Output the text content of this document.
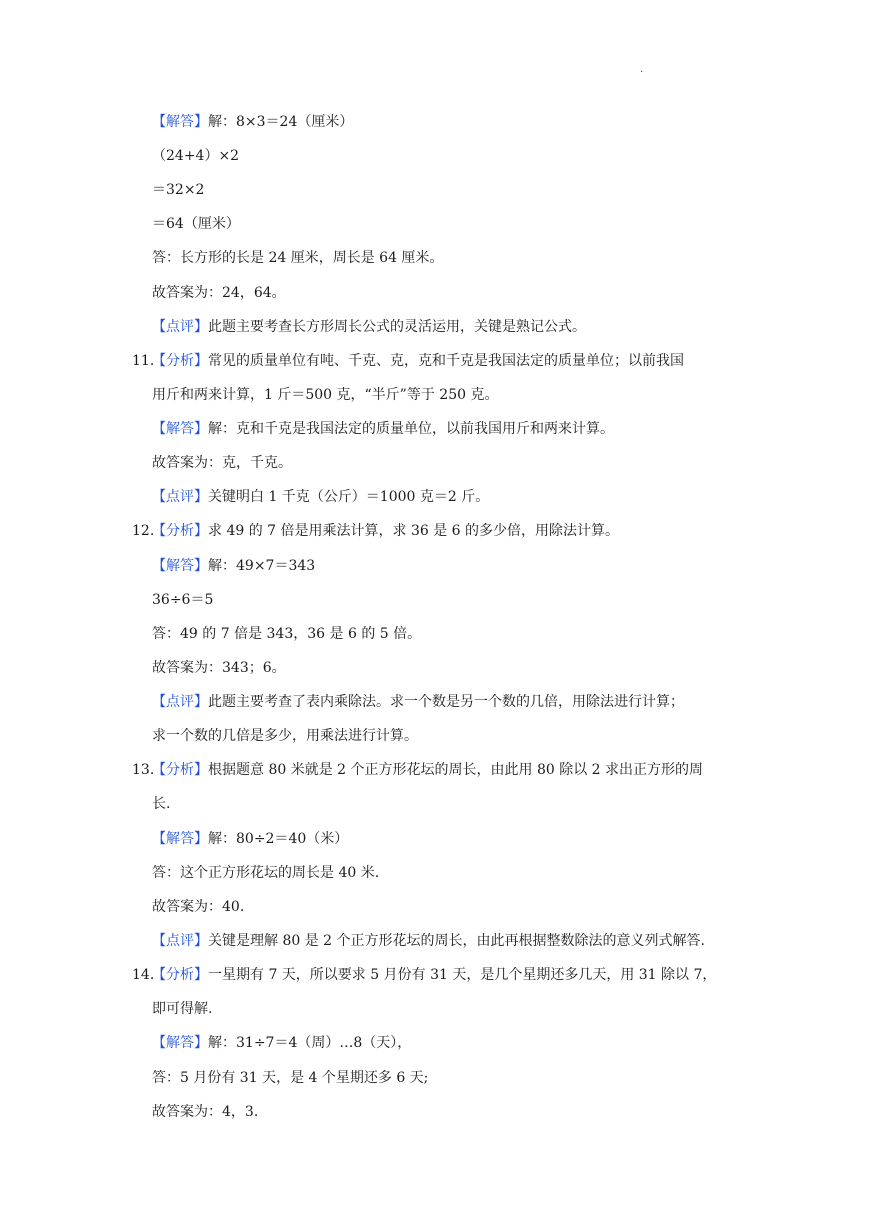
.
【解答】解：8×3＝24（厘米）
（24+4）×2
＝32×2
＝64（厘米）
答：长方形的长是 24 厘米，周长是 64 厘米。
故答案为：24，64。
【点评】此题主要考查长方形周长公式的灵活运用，关键是熟记公式。
11.
【分析】常见的质量单位有吨、千克、克，克和千克是我国法定的质量单位；以前我国
用斤和两来计算，1 斤＝500 克，“半斤”等于 250 克。
【解答】解：克和千克是我国法定的质量单位，以前我国用斤和两来计算。
故答案为：克，千克。
【点评】关键明白 1 千克（公斤）＝1000 克＝2 斤。
12.
【分析】求 49 的 7 倍是用乘法计算，求 36 是 6 的多少倍，用除法计算。
【解答】解：49×7＝343
36÷6＝5
答：49 的 7 倍是 343，36 是 6 的 5 倍。
故答案为：343；6。
【点评】此题主要考查了表内乘除法。求一个数是另一个数的几倍，用除法进行计算；
求一个数的几倍是多少，用乘法进行计算。
13.
【分析】根据题意 80 米就是 2 个正方形花坛的周长，由此用 80 除以 2 求出正方形的周
长.
【解答】解：80÷2＝40（米）
答：这个正方形花坛的周长是 40 米.
故答案为：40.
【点评】关键是理解 80 是 2 个正方形花坛的周长，由此再根据整数除法的意义列式解答.
14.
【分析】一星期有 7 天，所以要求 5 月份有 31 天，是几个星期还多几天，用 31 除以 7，
即可得解.
【解答】解：31÷7＝4（周）…8（天），
答：5 月份有 31 天，是 4 个星期还多 6 天;
故答案为：4，3.
